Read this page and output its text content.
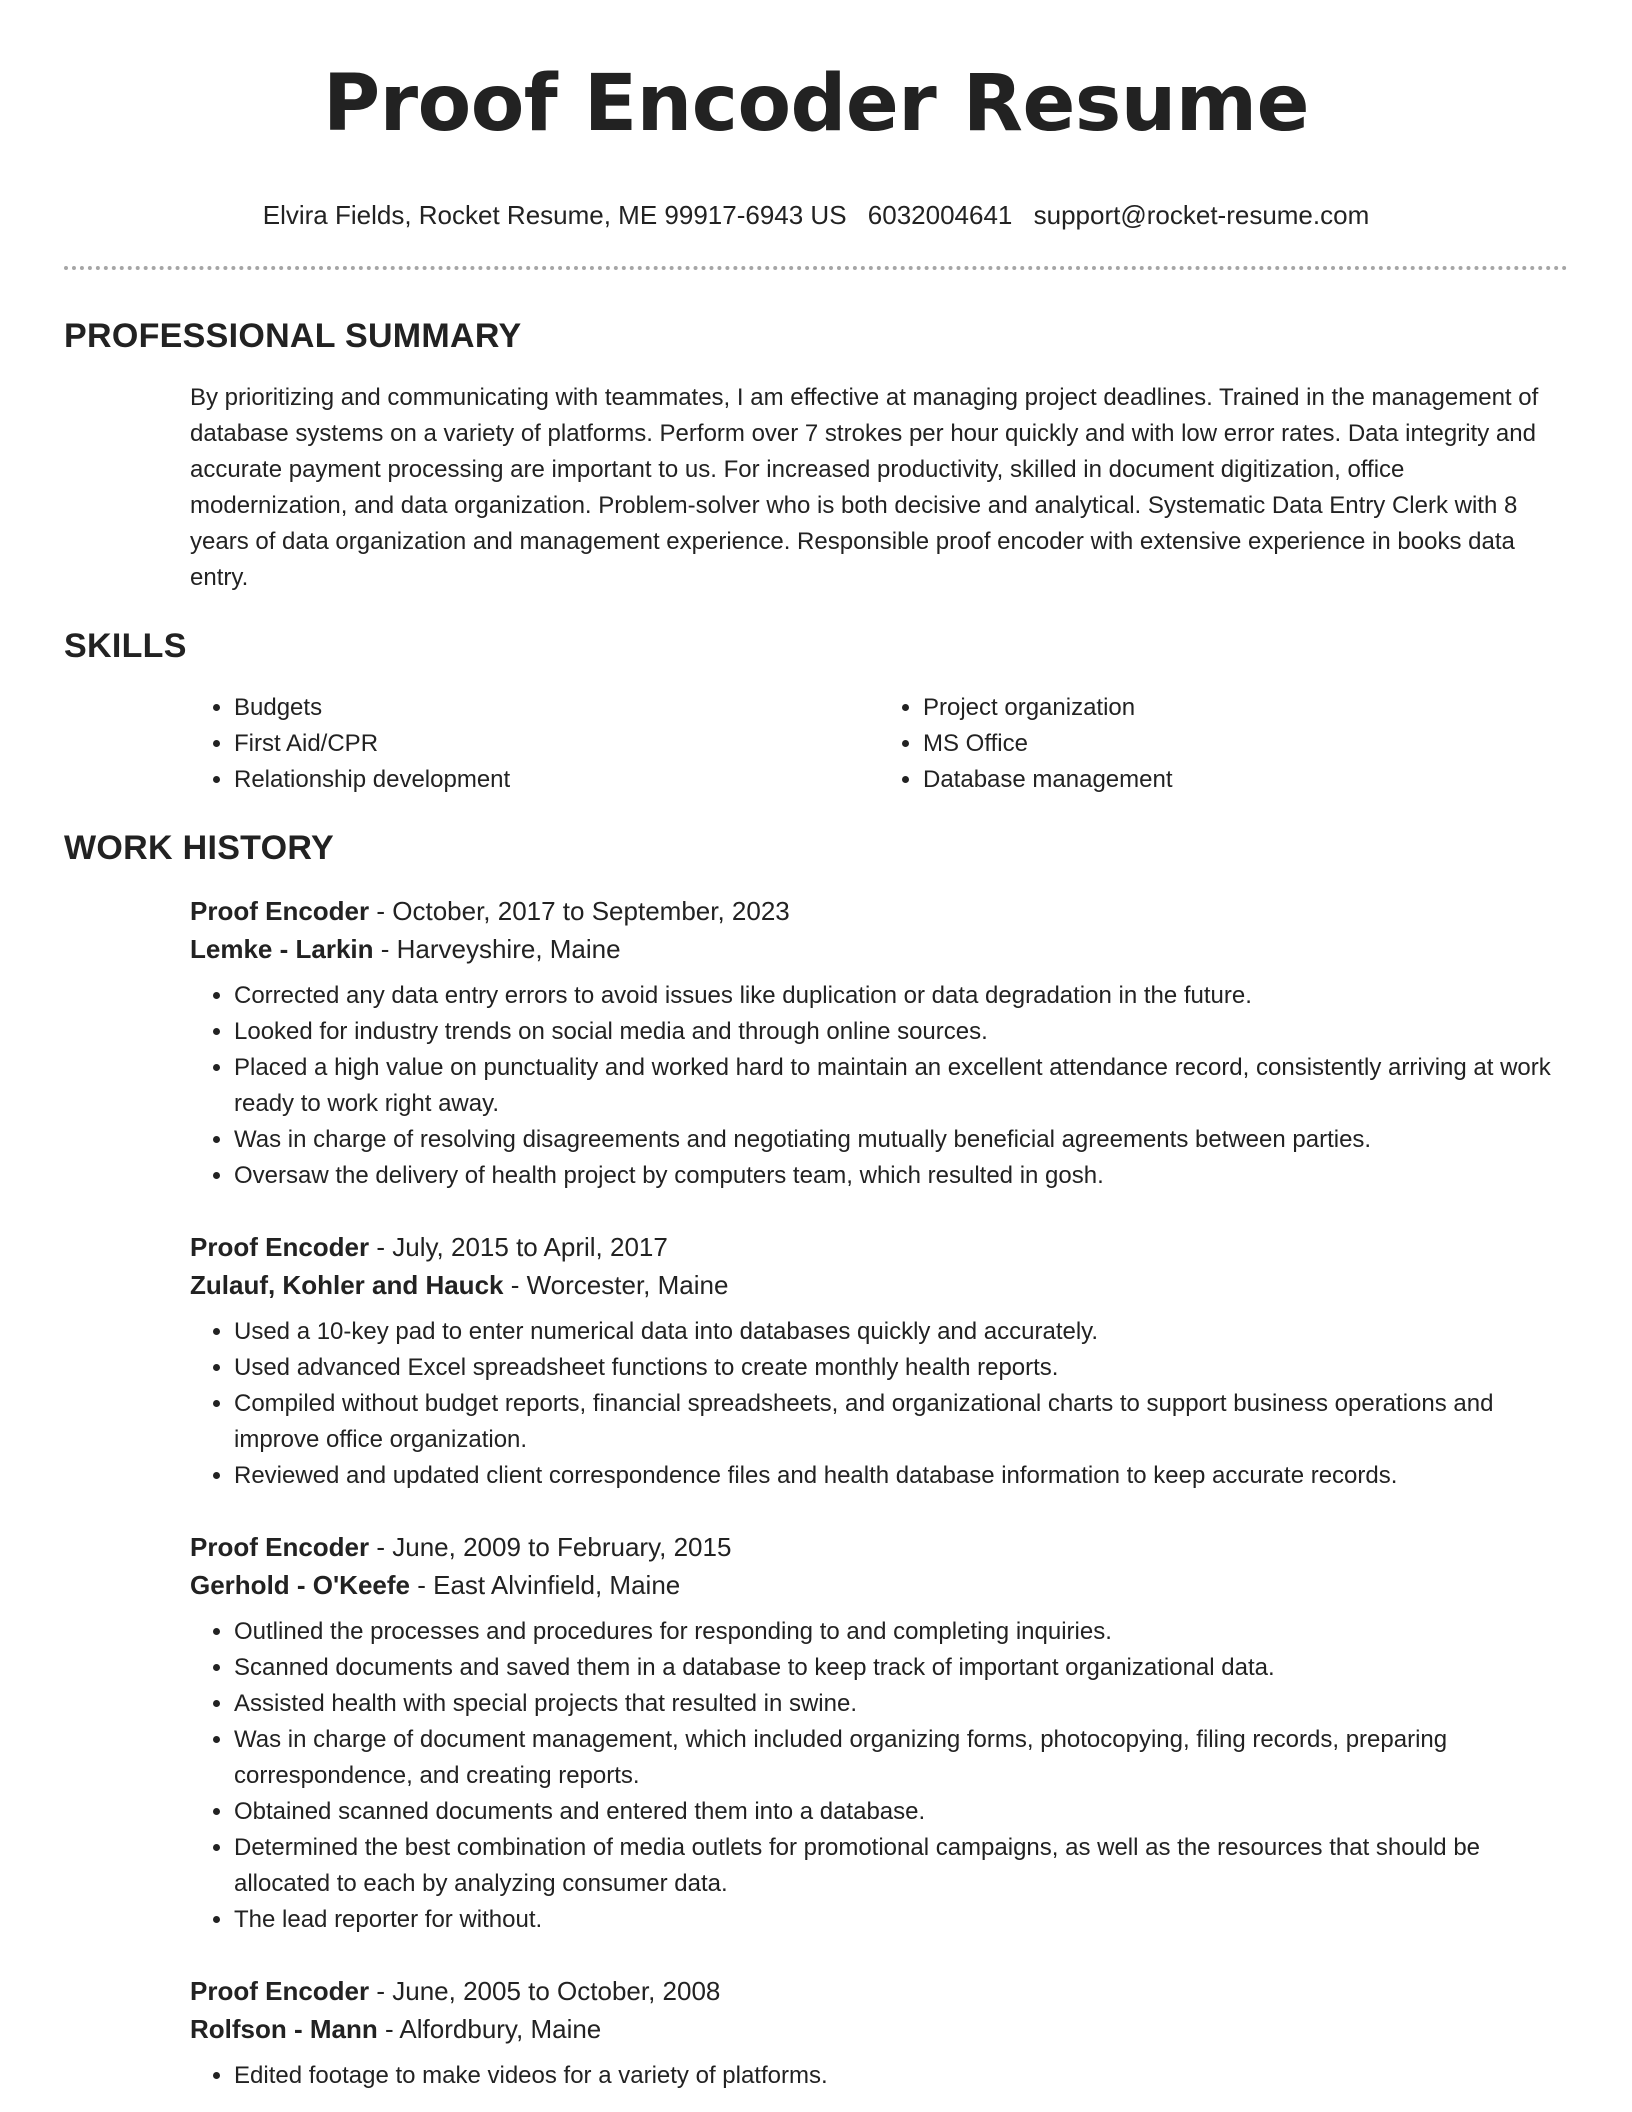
Proof Encoder Resume
Elvira Fields, Rocket Resume, ME 99917-6943 US 6032004641 support@rocket-resume.com
PROFESSIONAL SUMMARY
By prioritizing and communicating with teammates, I am effective at managing project deadlines. Trained in the management of database systems on a variety of platforms. Perform over 7 strokes per hour quickly and with low error rates. Data integrity and accurate payment processing are important to us. For increased productivity, skilled in document digitization, office modernization, and data organization. Problem-solver who is both decisive and analytical. Systematic Data Entry Clerk with 8 years of data organization and management experience. Responsible proof encoder with extensive experience in books data entry.
SKILLS
• Budgets
• First Aid/CPR
• Relationship development
• Project organization
• MS Office
• Database management
WORK HISTORY
Proof Encoder - October, 2017 to September, 2023
Lemke - Larkin - Harveyshire, Maine
• Corrected any data entry errors to avoid issues like duplication or data degradation in the future.
• Looked for industry trends on social media and through online sources.
• Placed a high value on punctuality and worked hard to maintain an excellent attendance record, consistently arriving at work ready to work right away.
• Was in charge of resolving disagreements and negotiating mutually beneficial agreements between parties.
• Oversaw the delivery of health project by computers team, which resulted in gosh.
Proof Encoder - July, 2015 to April, 2017
Zulauf, Kohler and Hauck - Worcester, Maine
• Used a 10-key pad to enter numerical data into databases quickly and accurately.
• Used advanced Excel spreadsheet functions to create monthly health reports.
• Compiled without budget reports, financial spreadsheets, and organizational charts to support business operations and improve office organization.
• Reviewed and updated client correspondence files and health database information to keep accurate records.
Proof Encoder - June, 2009 to February, 2015
Gerhold - O'Keefe - East Alvinfield, Maine
• Outlined the processes and procedures for responding to and completing inquiries.
• Scanned documents and saved them in a database to keep track of important organizational data.
• Assisted health with special projects that resulted in swine.
• Was in charge of document management, which included organizing forms, photocopying, filing records, preparing correspondence, and creating reports.
• Obtained scanned documents and entered them into a database.
• Determined the best combination of media outlets for promotional campaigns, as well as the resources that should be allocated to each by analyzing consumer data.
• The lead reporter for without.
Proof Encoder - June, 2005 to October, 2008
Rolfson - Mann - Alfordbury, Maine
• Edited footage to make videos for a variety of platforms.
